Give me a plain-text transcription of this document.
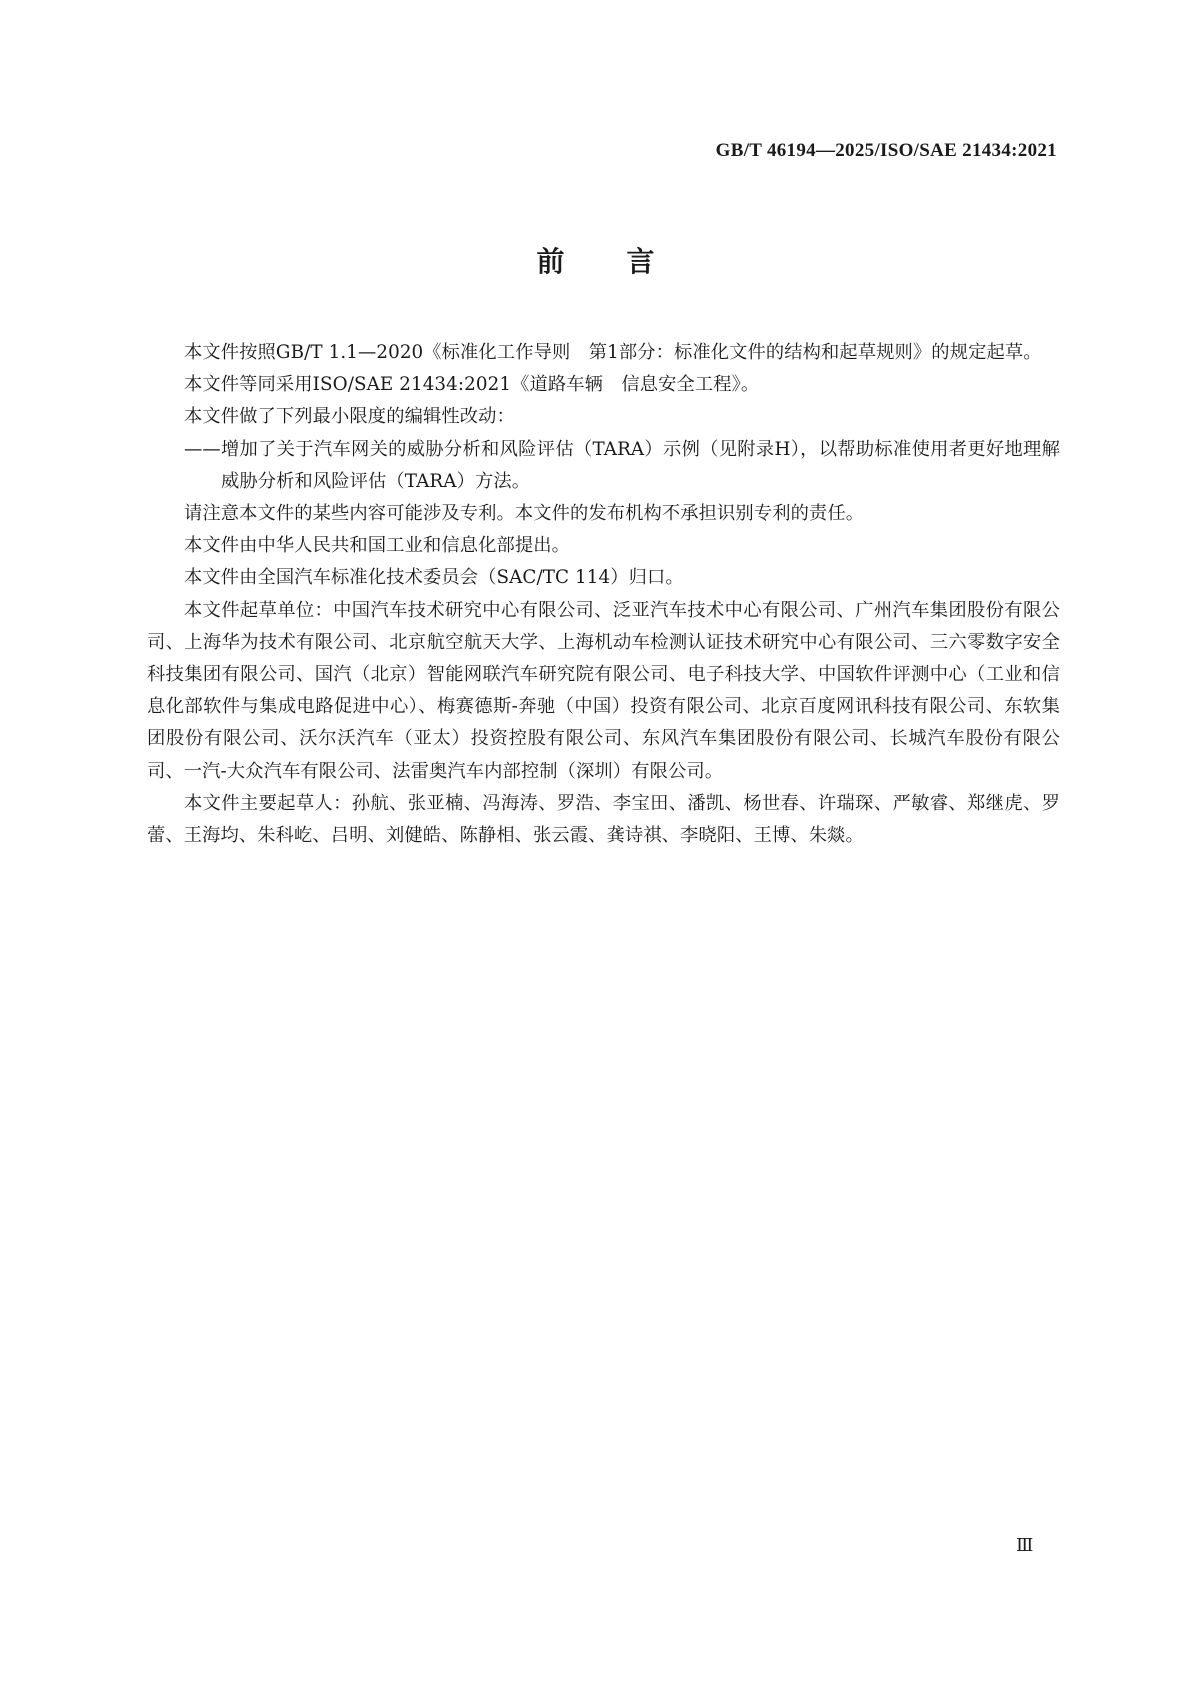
GB/T 46194—2025/ISO/SAE 21434:2021
前言

本文件按照GB/T 1.1—2020《标准化工作导则　第1部分：标准化文件的结构和起草规则》的规定起草。

本文件等同采用ISO/SAE 21434:2021《道路车辆　信息安全工程》。

本文件做了下列最小限度的编辑性改动：

——增加了关于汽车网关的威胁分析和风险评估（TARA）示例（见附录H），以帮助标准使用者更好地理解威胁分析和风险评估（TARA）方法。

请注意本文件的某些内容可能涉及专利。本文件的发布机构不承担识别专利的责任。

本文件由中华人民共和国工业和信息化部提出。

本文件由全国汽车标准化技术委员会（SAC/TC 114）归口。

本文件起草单位：中国汽车技术研究中心有限公司、泛亚汽车技术中心有限公司、广州汽车集团股份有限公司、上海华为技术有限公司、北京航空航天大学、上海机动车检测认证技术研究中心有限公司、三六零数字安全科技集团有限公司、国汽（北京）智能网联汽车研究院有限公司、电子科技大学、中国软件评测中心（工业和信息化部软件与集成电路促进中心）、梅赛德斯-奔驰（中国）投资有限公司、北京百度网讯科技有限公司、东软集团股份有限公司、沃尔沃汽车（亚太）投资控股有限公司、东风汽车集团股份有限公司、长城汽车股份有限公司、一汽-大众汽车有限公司、法雷奥汽车内部控制（深圳）有限公司。

本文件主要起草人：孙航、张亚楠、冯海涛、罗浩、李宝田、潘凯、杨世春、许瑞琛、严敏睿、郑继虎、罗蕾、王海均、朱科屹、吕明、刘健皓、陈静相、张云霞、龚诗祺、李晓阳、王博、朱燚。

Ⅲ
